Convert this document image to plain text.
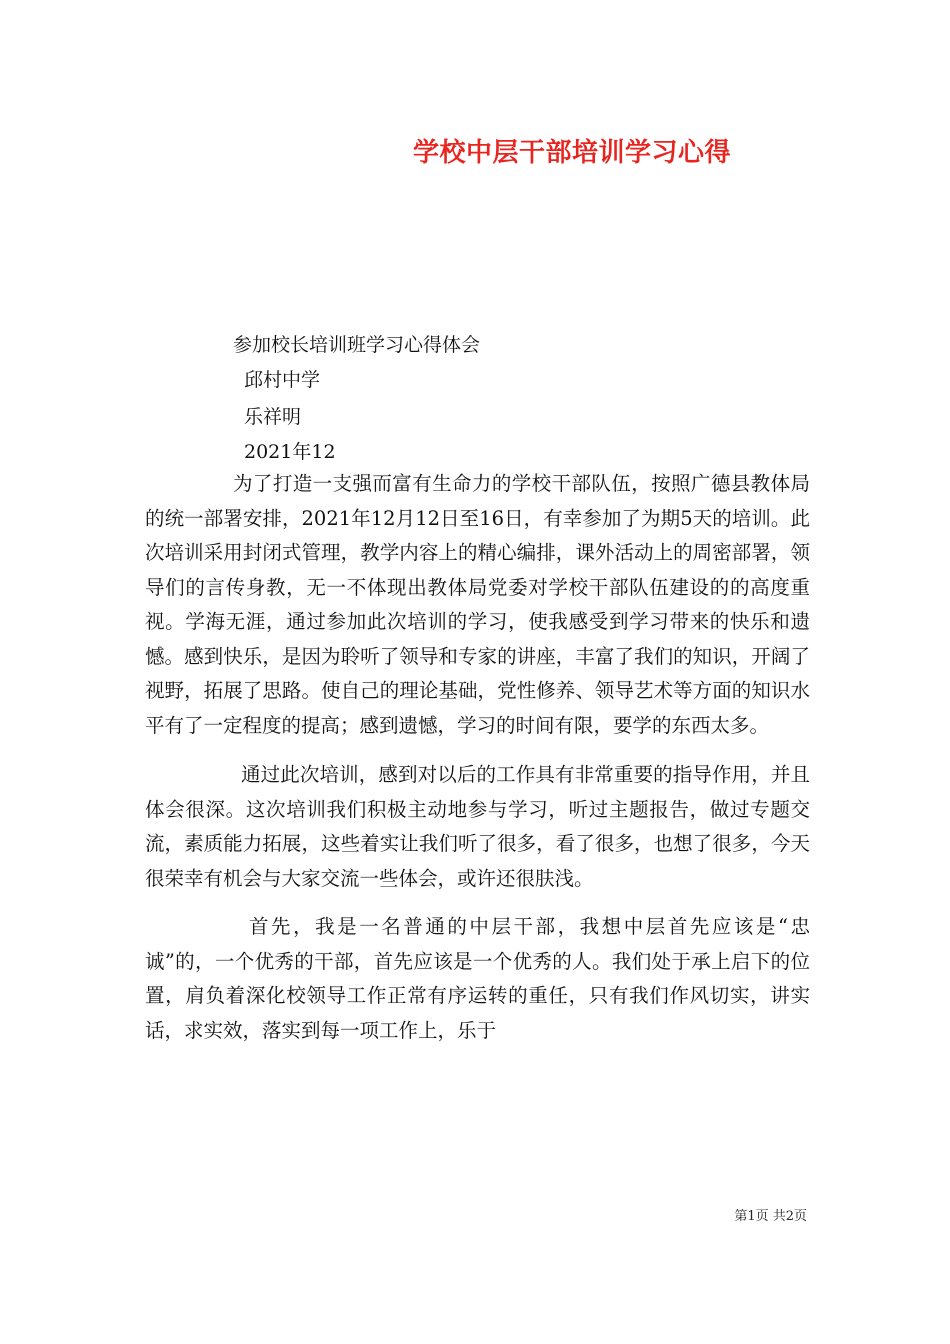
学校中层干部培训学习心得
参加校长培训班学习心得体会
邱村中学
乐祥明
2021年12

为了打造一支强而富有生命力的学校干部队伍，按照广德县教体局的统一部署安排，2021年12月12日至16日，有幸参加了为期5天的培训。此次培训采用封闭式管理，教学内容上的精心编排，课外活动上的周密部署，领导们的言传身教，无一不体现出教体局党委对学校干部队伍建设的的高度重视。学海无涯，通过参加此次培训的学习，使我感受到学习带来的快乐和遗憾。感到快乐，是因为聆听了领导和专家的讲座，丰富了我们的知识，开阔了视野，拓展了思路。使自己的理论基础，党性修养、领导艺术等方面的知识水平有了一定程度的提高；感到遗憾，学习的时间有限，要学的东西太多。

通过此次培训，感到对以后的工作具有非常重要的指导作用，并且体会很深。这次培训我们积极主动地参与学习，听过主题报告，做过专题交流，素质能力拓展，这些着实让我们听了很多，看了很多，也想了很多，今天很荣幸有机会与大家交流一些体会，或许还很肤浅。

首先，我是一名普通的中层干部，我想中层首先应该是“忠诚”的，一个优秀的干部，首先应该是一个优秀的人。我们处于承上启下的位置，肩负着深化校领导工作正常有序运转的重任，只有我们作风切实，讲实话，求实效，落实到每一项工作上，乐于

第1页 共2页
